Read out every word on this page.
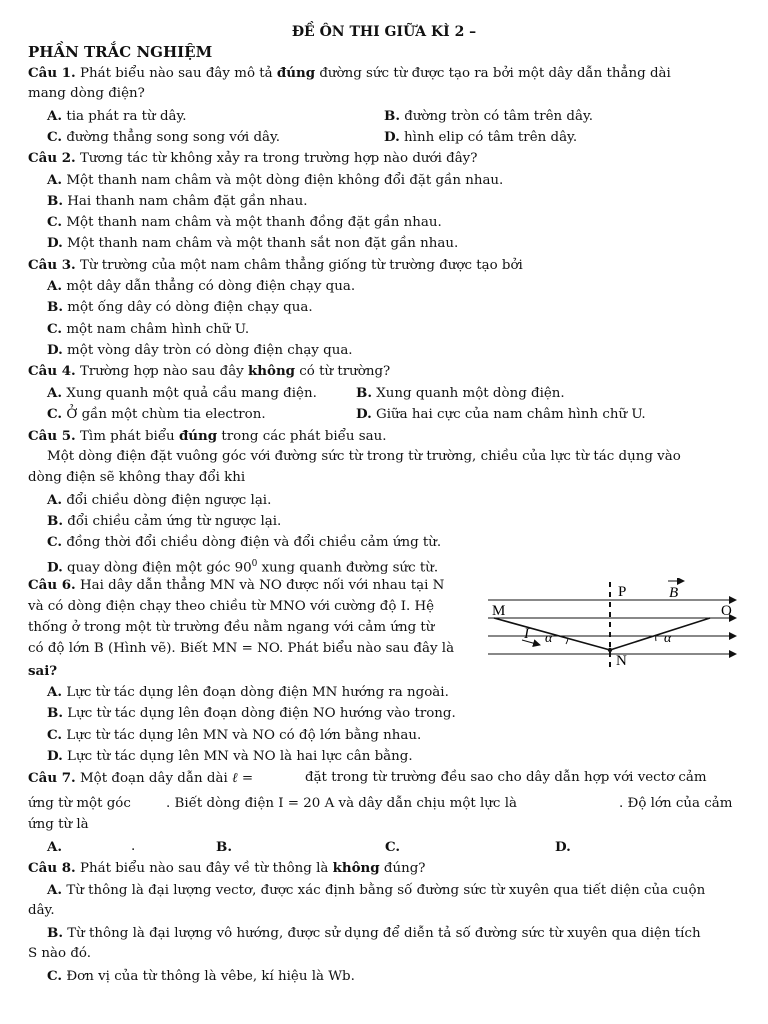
ĐỀ ÔN THI GIỮA KÌ 2 –
PHẦN TRẮC NGHIỆM
Câu 1. Phát biểu nào sau đây mô tả đúng đường sức từ được tạo ra bởi một dây dẫn thẳng dài
mang dòng điện?
A. tia phát ra từ dây.	B. đường tròn có tâm trên dây.
C. đường thẳng song song với dây.	D. hình elip có tâm trên dây.
Câu 2. Tương tác từ không xảy ra trong trường hợp nào dưới đây?
A. Một thanh nam châm và một dòng điện không đổi đặt gần nhau.
B. Hai thanh nam châm đặt gần nhau.
C. Một thanh nam châm và một thanh đồng đặt gần nhau.
D. Một thanh nam châm và một thanh sắt non đặt gần nhau.
Câu 3. Từ trường của một nam châm thẳng giống từ trường được tạo bởi
A. một dây dẫn thẳng có dòng điện chạy qua.
B. một ống dây có dòng điện chạy qua.
C. một nam châm hình chữ U.
D. một vòng dây tròn có dòng điện chạy qua.
Câu 4. Trường hợp nào sau đây không có từ trường?
A. Xung quanh một quả cầu mang điện.	B. Xung quanh một dòng điện.
C. Ở gần một chùm tia electron.	D. Giữa hai cực của nam châm hình chữ U.
Câu 5. Tìm phát biểu đúng trong các phát biểu sau.
Một dòng điện đặt vuông góc với đường sức từ trong từ trường, chiều của lực từ tác dụng vào
dòng điện sẽ không thay đổi khi
A. đổi chiều dòng điện ngược lại.
B. đổi chiều cảm ứng từ ngược lại.
C. đồng thời đổi chiều dòng điện và đổi chiều cảm ứng từ.
D. quay dòng điện một góc $90^0$ xung quanh đường sức từ.
Câu 6. Hai dây dẫn thẳng MN và NO được nối với nhau tại N
và có dòng điện chạy theo chiều từ MNO với cường độ I. Hệ
thống ở trong một từ trường đều nằm ngang với cảm ứng từ
có độ lớn B (Hình vẽ). Biết MN = NO. Phát biểu nào sau đây là
sai?
P	B
M	O
I α	α
N
A. Lực từ tác dụng lên đoạn dòng điện MN hướng ra ngoài.
B. Lực từ tác dụng lên đoạn dòng điện NO hướng vào trong.
C. Lực từ tác dụng lên MN và NO có độ lớn bằng nhau.
D. Lực từ tác dụng lên MN và NO là hai lực cân bằng.
Câu 7. Một đoạn dây dẫn dài ℓ =	đặt trong từ trường đều sao cho dây dẫn hợp với vectơ cảm
ứng từ một góc	. Biết dòng điện I = 20 A và dây dẫn chịu một lực là	. Độ lớn của cảm
ứng từ là
A.	.	B.	C.	D.
Câu 8. Phát biểu nào sau đây về từ thông là không đúng?
A. Từ thông là đại lượng vectơ, được xác định bằng số đường sức từ xuyên qua tiết diện của cuộn
dây.
B. Từ thông là đại lượng vô hướng, được sử dụng để diễn tả số đường sức từ xuyên qua diện tích
S nào đó.
C. Đơn vị của từ thông là vêbe, kí hiệu là Wb.
